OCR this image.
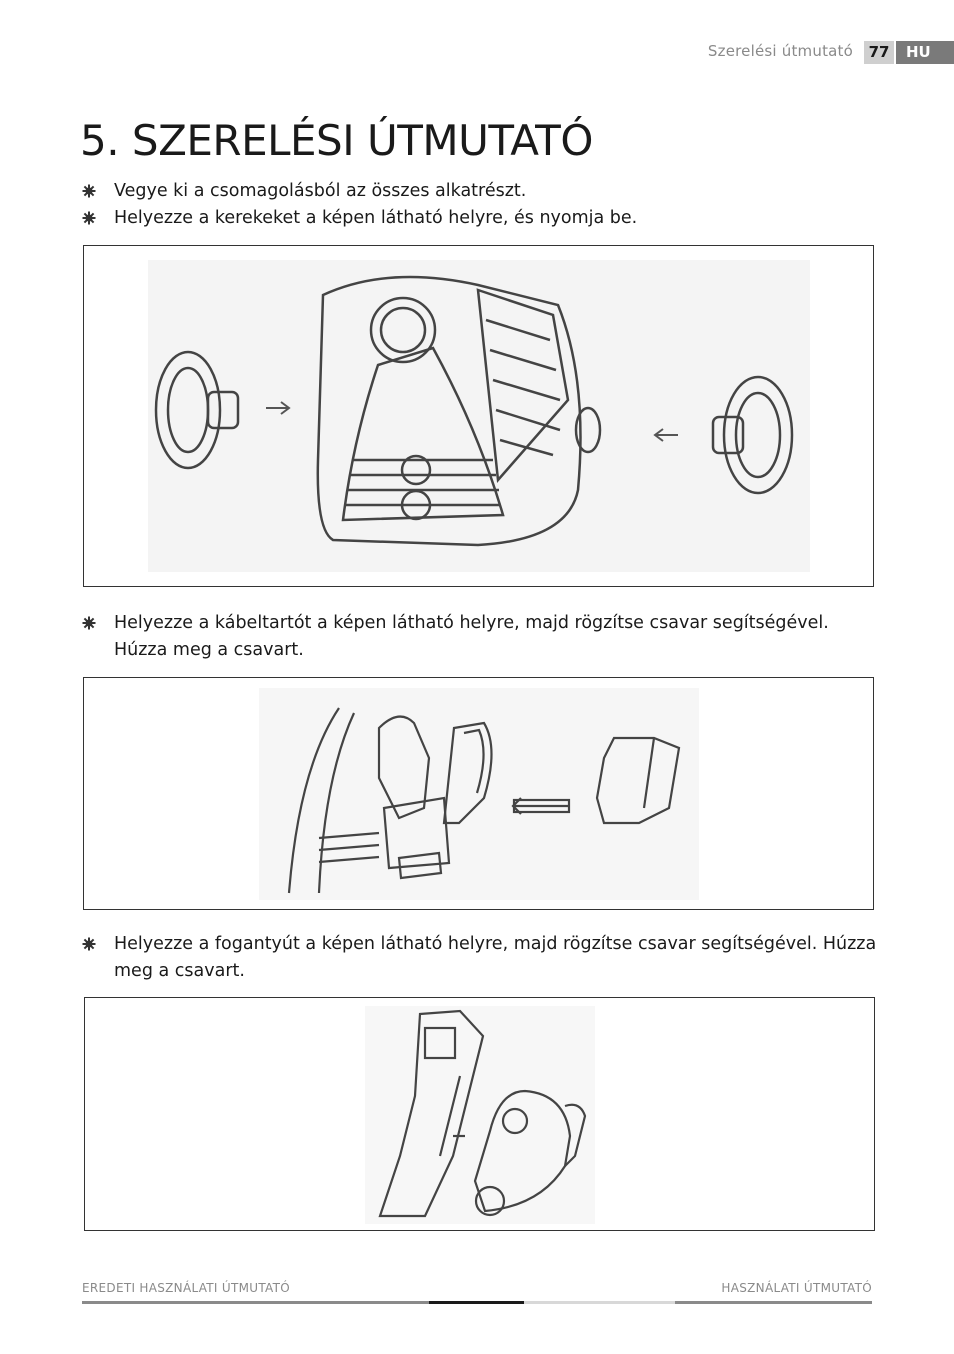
Szerelési útmutató	77	HU
5. SZERELÉSI ÚTMUTATÓ
Vegye ki a csomagolásból az összes alkatrészt.
Helyezze a kerekeket a képen látható helyre, és nyomja be.
Helyezze a kábeltartót a képen látható helyre, majd rögzítse csavar segítségével. Húzza meg a csavart.
Helyezze a fogantyút a képen látható helyre, majd rögzítse csavar segítségével. Húzza meg a csavart.
EREDETI HASZNÁLATI ÚTMUTATÓ	HASZNÁLATI ÚTMUTATÓ
